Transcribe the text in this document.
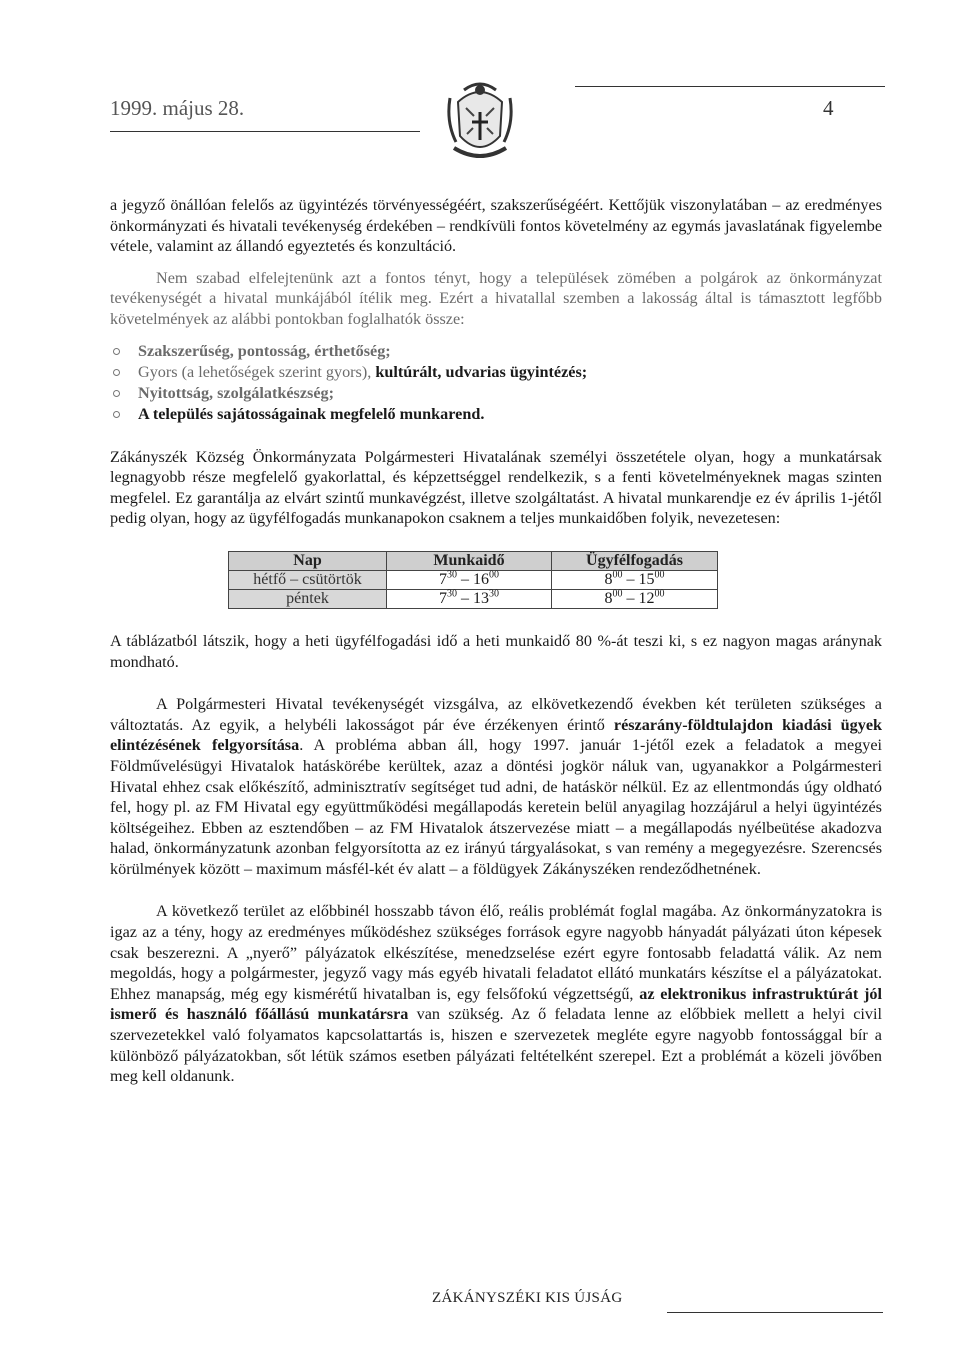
1999. május 28.	4

a jegyző önállóan felelős az ügyintézés törvényességéért, szakszerűségéért. Kettőjük viszonylatában – az eredményes önkormányzati és hivatali tevékenység érdekében – rendkívüli fontos követelmény az egymás javaslatának figyelembe vétele, valamint az állandó egyeztetés és konzultáció.

Nem szabad elfelejtenünk azt a fontos tényt, hogy a települések zömében a polgárok az önkormányzat tevékenységét a hivatal munkájából ítélik meg. Ezért a hivatallal szemben a lakosság által is támasztott legfőbb követelmények az alábbi pontokban foglalhatók össze:

Szakszerűség, pontosság, érthetőség;
Gyors (a lehetőségek szerint gyors), kultúrált, udvarias ügyintézés;
Nyitottság, szolgálatkészség;
A település sajátosságainak megfelelő munkarend.

Zákányszék Község Önkormányzata Polgármesteri Hivatalának személyi összetétele olyan, hogy a munkatársak legnagyobb része megfelelő gyakorlattal, és képzettséggel rendelkezik, s a fenti követelményeknek magas szinten megfelel. Ez garantálja az elvárt szintű munkavégzést, illetve szolgáltatást. A hivatal munkarendje ez év április 1-jétől pedig olyan, hogy az ügyfélfogadás munkanapokon csaknem a teljes munkaidőben folyik, nevezetesen:

Nap	Munkaidő	Ügyfélfogadás
hétfő – csütörtök	$7^{30} - 16^{00}$	$8^{00} - 15^{00}$
péntek	$7^{30} - 13^{30}$	$8^{00} - 12^{00}$

A táblázatból látszik, hogy a heti ügyfélfogadási idő a heti munkaidő 80 %-át teszi ki, s ez nagyon magas aránynak mondható.

A Polgármesteri Hivatal tevékenységét vizsgálva, az elkövetkezendő években két területen szükséges a változtatás. Az egyik, a helybéli lakosságot pár éve érzékenyen érintő részarány-földtulajdon kiadási ügyek elintézésének felgyorsítása. A probléma abban áll, hogy 1997. január 1-jétől ezek a feladatok a megyei Földművelésügyi Hivatalok hatáskörébe kerültek, azaz a döntési jogkör náluk van, ugyanakkor a Polgármesteri Hivatal ehhez csak előkészítő, adminisztratív segítséget tud adni, de hatáskör nélkül. Ez az ellentmondás úgy oldható fel, hogy pl. az FM Hivatal egy együttműködési megállapodás keretein belül anyagilag hozzájárul a helyi ügyintézés költségeihez. Ebben az esztendőben – az FM Hivatalok átszervezése miatt – a megállapodás nyélbeütése akadozva halad, önkormányzatunk azonban felgyorsította az ez irányú tárgyalásokat, s van remény a megegyezésre. Szerencsés körülmények között – maximum másfél-két év alatt – a földügyek Zákányszéken rendeződhetnének.

A következő terület az előbbinél hosszabb távon élő, reális problémát foglal magába. Az önkormányzatokra is igaz az a tény, hogy az eredményes működéshez szükséges források egyre nagyobb hányadát pályázati úton képesek csak beszerezni. A „nyerő” pályázatok elkészítése, menedzselése ezért egyre fontosabb feladattá válik. Az nem megoldás, hogy a polgármester, jegyző vagy más egyéb hivatali feladatot ellátó munkatárs készítse el a pályázatokat. Ehhez manapság, még egy kismérétű hivatalban is, egy felsőfokú végzettségű, az elektronikus infrastruktúrát jól ismerő és használó főállású munkatársra van szükség. Az ő feladata lenne az előbbiek mellett a helyi civil szervezetekkel való folyamatos kapcsolattartás is, hiszen e szervezetek megléte egyre nagyobb fontossággal bír a különböző pályázatokban, sőt létük számos esetben pályázati feltételként szerepel. Ezt a problémát a közeli jövőben meg kell oldanunk.

ZÁKÁNYSZÉKI KIS ÚJSÁG
